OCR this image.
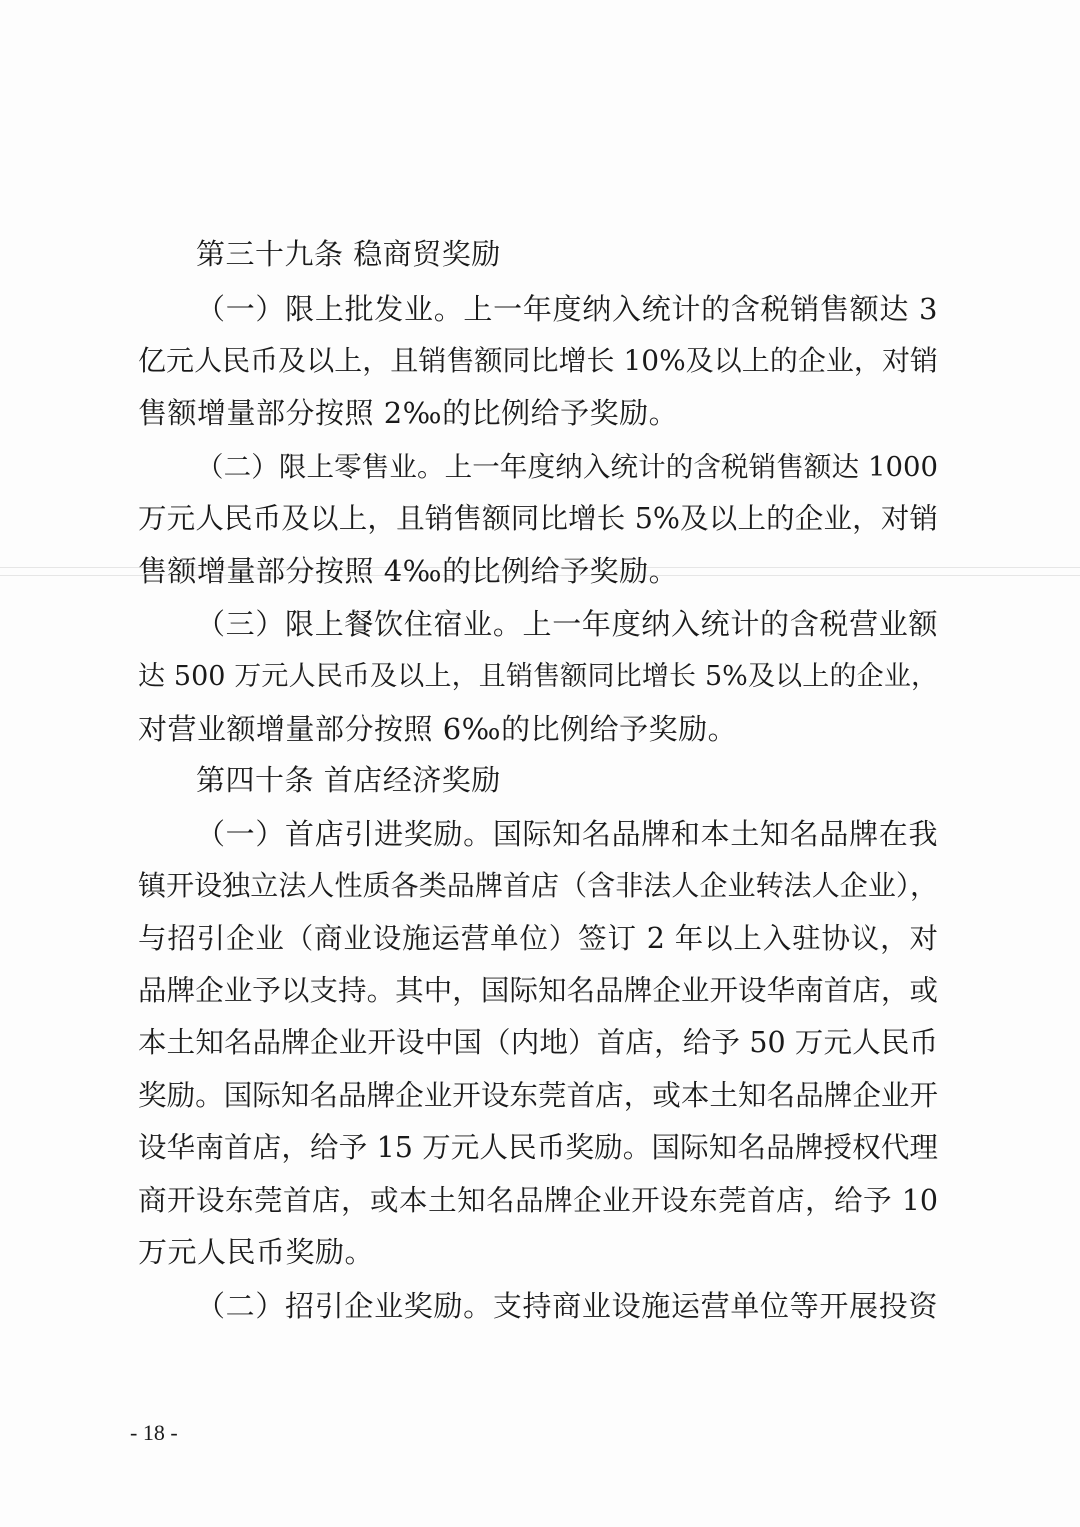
第三十九条 稳商贸奖励
（一）限上批发业。上一年度纳入统计的含税销售额达 3
亿元人民币及以上，且销售额同比增长 10%及以上的企业，对销
售额增量部分按照 2‰的比例给予奖励。
（二）限上零售业。上一年度纳入统计的含税销售额达 1000
万元人民币及以上，且销售额同比增长 5%及以上的企业，对销
售额增量部分按照 4‰的比例给予奖励。
（三）限上餐饮住宿业。上一年度纳入统计的含税营业额
达 500 万元人民币及以上，且销售额同比增长 5%及以上的企业，
对营业额增量部分按照 6‰的比例给予奖励。
第四十条 首店经济奖励
（一）首店引进奖励。国际知名品牌和本土知名品牌在我
镇开设独立法人性质各类品牌首店（含非法人企业转法人企业），
与招引企业（商业设施运营单位）签订 2 年以上入驻协议，对
品牌企业予以支持。其中，国际知名品牌企业开设华南首店，或
本土知名品牌企业开设中国（内地）首店，给予 50 万元人民币
奖励。国际知名品牌企业开设东莞首店，或本土知名品牌企业开
设华南首店，给予 15 万元人民币奖励。国际知名品牌授权代理
商开设东莞首店，或本土知名品牌企业开设东莞首店，给予 10
万元人民币奖励。
（二）招引企业奖励。支持商业设施运营单位等开展投资
- 18 -
